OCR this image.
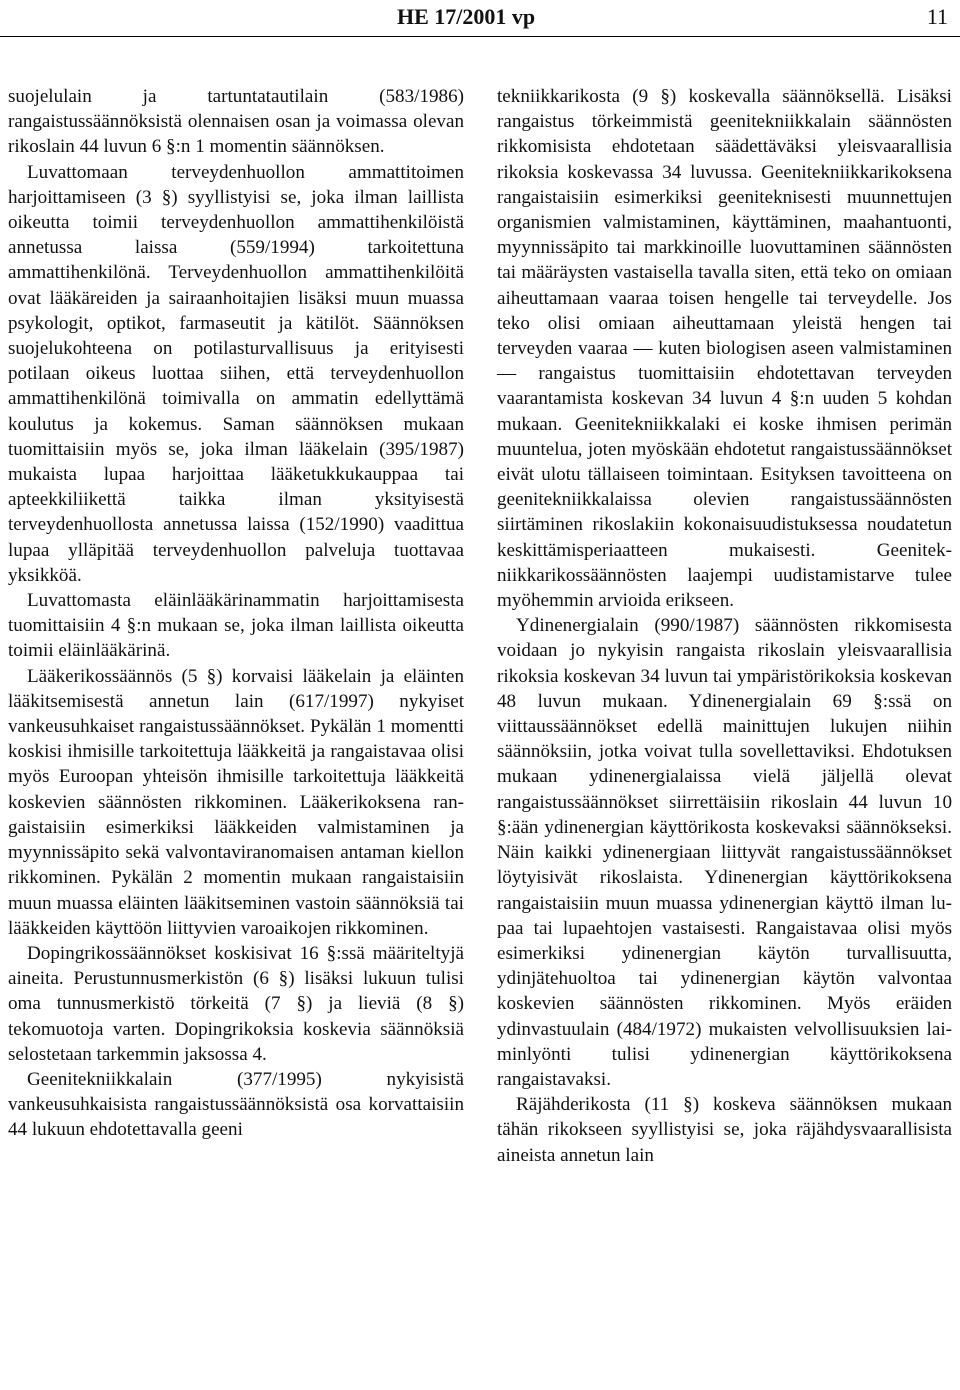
HE 17/2001 vp	11

suojelulain ja tartuntatautilain (583/1986) rangaistussäännöksistä olennaisen osan ja voimassa olevan rikoslain 44 luvun 6 §:n 1 momentin säännöksen.

Luvattomaan terveydenhuollon ammattitoimen harjoittamiseen (3 §) syyllistyisi se, joka ilman laillista oikeutta toimii terveydenhuollon ammattihenkilöistä annetussa laissa (559/1994) tarkoitettuna ammattihenkilönä. Terveydenhuollon ammattihenkilöitä ovat lääkäreiden ja sairaanhoitajien lisäksi muun muassa psykologit, optikot, farmaseutit ja kätilöt. Säännöksen suojelukohteena on potilasturvallisuus ja erityisesti potilaan oikeus luottaa siihen, että terveydenhuollon ammattihenkilönä toimivalla on ammatin edellyttämä koulutus ja kokemus. Saman säännöksen mukaan tuomittaisiin myös se, joka ilman lääkelain (395/1987) mukaista lupaa harjoittaa lääketukkukauppaa tai apteekkiliikettä taikka ilman yksityisestä terveydenhuollosta annetussa laissa (152/1990) vaadittua lupaa ylläpitää terveydenhuollon palveluja tuottavaa yksikköä.

Luvattomasta eläinlääkärinammatin harjoittamisesta tuomittaisiin 4 §:n mukaan se, joka ilman laillista oikeutta toimii eläinlääkärinä.

Lääkerikossäännös (5 §) korvaisi lääkelain ja eläinten lääkitsemisestä annetun lain (617/1997) nykyiset vankeusuhkaiset rangaistussäännökset. Pykälän 1 momentti koskisi ihmisille tarkoitettuja lääkkeitä ja rangaistavaa olisi myös Euroopan yhteisön ihmisille tarkoitettuja lääkkeitä koskevien säännösten rikkominen. Lääkerikoksena rangaistaisiin esimerkiksi lääkkeiden valmistaminen ja myynnissäpito sekä valvontaviranomaisen antaman kiellon rikkominen. Pykälän 2 momentin mukaan rangaistaisiin muun muassa eläinten lääkitseminen vastoin säännöksiä tai lääkkeiden käyttöön liittyvien varoaikojen rikkominen.

Dopingrikossäännökset koskisivat 16 §:ssä määriteltyjä aineita. Perustunnusmerkistön (6 §) lisäksi lukuun tulisi oma tunnusmerkistö törkeitä (7 §) ja lieviä (8 §) tekomuotoja varten. Dopingrikoksia koskevia säännöksiä selostetaan tarkemmin jaksossa 4.

Geenitekniikkalain (377/1995) nykyisistä vankeusuhkaisista rangaistussäännöksistä osa korvattaisiin 44 lukuun ehdotettavalla geeni

tekniikkarikosta (9 §) koskevalla säännöksellä. Lisäksi rangaistus törkeimmistä geenitekniikkalain säännösten rikkomisista ehdotetaan säädettäväksi yleisvaarallisia rikoksia koskevassa 34 luvussa. Geenitekniikkarikoksena rangaistaisiin esimerkiksi geeniteknisesti muunnettujen organismien valmistaminen, käyttäminen, maahantuonti, myynnissäpito tai markkinoille luovuttaminen säännösten tai määräysten vastaisella tavalla siten, että teko on omiaan aiheuttamaan vaaraa toisen hengelle tai terveydelle. Jos teko olisi omiaan aiheuttamaan yleistä hengen tai terveyden vaaraa — kuten biologisen aseen valmistaminen — rangaistus tuomittaisiin ehdotettavan terveyden vaarantamista koskevan 34 luvun 4 §:n uuden 5 kohdan mukaan. Geenitekniikkalaki ei koske ihmisen perimän muuntelua, joten myöskään ehdotetut rangaistussäännökset eivät ulotu tällaiseen toimintaan. Esityksen tavoitteena on geenitekniikkalaissa olevien rangaistussäännösten siirtäminen rikoslakiin kokonaisuudistuksessa noudatetun keskittämisperiaatteen mukaisesti. Geenitekniikkarikossäännösten laajempi uudistamistarve tulee myöhemmin arvioida erikseen.

Ydinenergialain (990/1987) säännösten rikkomisesta voidaan jo nykyisin rangaista rikoslain yleisvaarallisia rikoksia koskevan 34 luvun tai ympäristörikoksia koskevan 48 luvun mukaan. Ydinenergialain 69 §:ssä on viittaussäännökset edellä mainittujen lukujen niihin säännöksiin, jotka voivat tulla sovellettaviksi. Ehdotuksen mukaan ydinenergialaissa vielä jäljellä olevat rangaistussäännökset siirrettäisiin rikoslain 44 luvun 10 §:ään ydinenergian käyttörikosta koskevaksi säännökseksi. Näin kaikki ydinenergiaan liittyvät rangaistussäännökset löytyisivät rikoslaista. Ydinenergian käyttörikoksena rangaistaisiin muun muassa ydinenergian käyttö ilman lupaa tai lupaehtojen vastaisesti. Rangaistavaa olisi myös esimerkiksi ydinenergian käytön turvallisuutta, ydinjätehuoltoa tai ydinenergian käytön valvontaa koskevien säännösten rikkominen. Myös eräiden ydinvastuulain (484/1972) mukaisten velvollisuuksien laiminlyönti tulisi ydinenergian käyttörikoksena rangaistavaksi.

Räjähderikosta (11 §) koskeva säännöksen mukaan tähän rikokseen syyllistyisi se, joka räjähdysvaarallisista aineista annetun lain
